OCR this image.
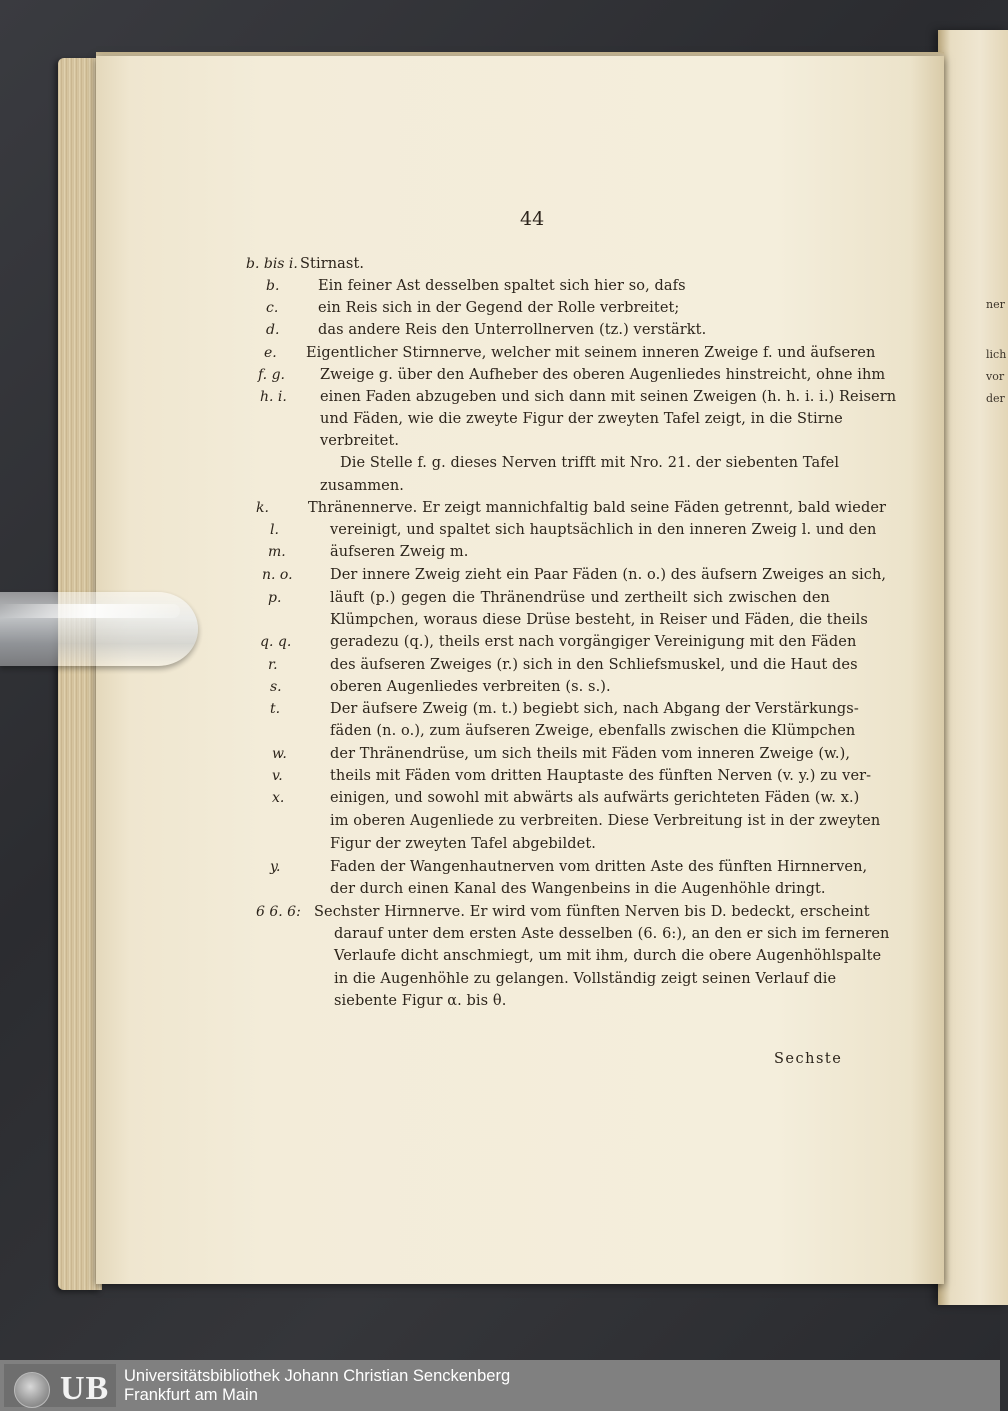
ner
lich
vor
der
44
b. bis i. Stirnast.
b.	Ein feiner Ast desselben spaltet sich hier so, dafs
c.	ein Reis sich in der Gegend der Rolle verbreitet;
d.	das andere Reis den Unterrollnerven (tz.) verstärkt.
e. Eigentlicher Stirnnerve, welcher mit seinem inneren Zweige f. und äufseren
f. g. Zweige g. über den Aufheber des oberen Augenliedes hinstreicht, ohne ihm
h. i. einen Faden abzugeben und sich dann mit seinen Zweigen (h. h. i. i.) Reisern
und Fäden, wie die zweyte Figur der zweyten Tafel zeigt, in die Stirne
verbreitet.
Die Stelle f. g. dieses Nerven trifft mit Nro. 21. der siebenten Tafel
zusammen.
k.	Thränennerve. Er zeigt mannichfaltig bald seine Fäden getrennt, bald wieder
l.	vereinigt, und spaltet sich hauptsächlich in den inneren Zweig l. und den
m.	äufseren Zweig m.
n. o.	Der innere Zweig zieht ein Paar Fäden (n. o.) des äufsern Zweiges an sich,
p.	läuft (p.) gegen die Thränendrüse und zertheilt sich zwischen den
Klümpchen, woraus diese Drüse besteht, in Reiser und Fäden, die theils
q. q.	geradezu (q.), theils erst nach vorgängiger Vereinigung mit den Fäden
r.	des äufseren Zweiges (r.) sich in den Schliefsmuskel, und die Haut des
s.	oberen Augenliedes verbreiten (s. s.).
t.	Der äufsere Zweig (m. t.) begiebt sich, nach Abgang der Verstärkungs-
fäden (n. o.), zum äufseren Zweige, ebenfalls zwischen die Klümpchen
w.	der Thränendrüse, um sich theils mit Fäden vom inneren Zweige (w.),
v.	theils mit Fäden vom dritten Hauptaste des fünften Nerven (v. y.) zu ver-
x.	einigen, und sowohl mit abwärts als aufwärts gerichteten Fäden (w. x.)
im oberen Augenliede zu verbreiten. Diese Verbreitung ist in der zweyten
Figur der zweyten Tafel abgebildet.
y.	Faden der Wangenhautnerven vom dritten Aste des fünften Hirnnerven,
der durch einen Kanal des Wangenbeins in die Augenhöhle dringt.
6 6. 6: Sechster Hirnnerve. Er wird vom fünften Nerven bis D. bedeckt, erscheint
darauf unter dem ersten Aste desselben (6. 6:), an den er sich im ferneren
Verlaufe dicht anschmiegt, um mit ihm, durch die obere Augenhöhlspalte
in die Augenhöhle zu gelangen. Vollständig zeigt seinen Verlauf die
siebente Figur α. bis θ.
Sechste
UB Universitätsbibliothek Johann Christian Senckenberg
Frankfurt am Main
